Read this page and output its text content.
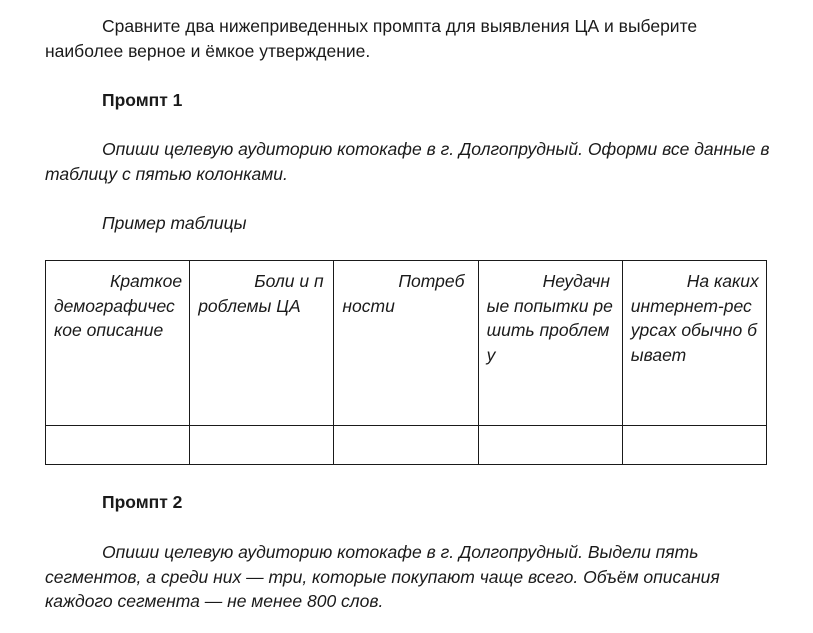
Сравните два нижеприведенных промпта для выявления ЦА и выберите наиболее верное и ёмкое утверждение.

Промпт 1

Опиши целевую аудиторию котокафе в г. Долгопрудный. Оформи все данные в таблицу с пятью колонками.

Пример таблицы

Краткое демографическое описание	Боли и проблемы ЦА	Потребности	Неудачные попытки решить проблему	На каких интернет-ресурсах обычно бывает

Промпт 2

Опиши целевую аудиторию котокафе в г. Долгопрудный. Выдели пять сегментов, а среди них — три, которые покупают чаще всего. Объём описания каждого сегмента — не менее 800 слов.
